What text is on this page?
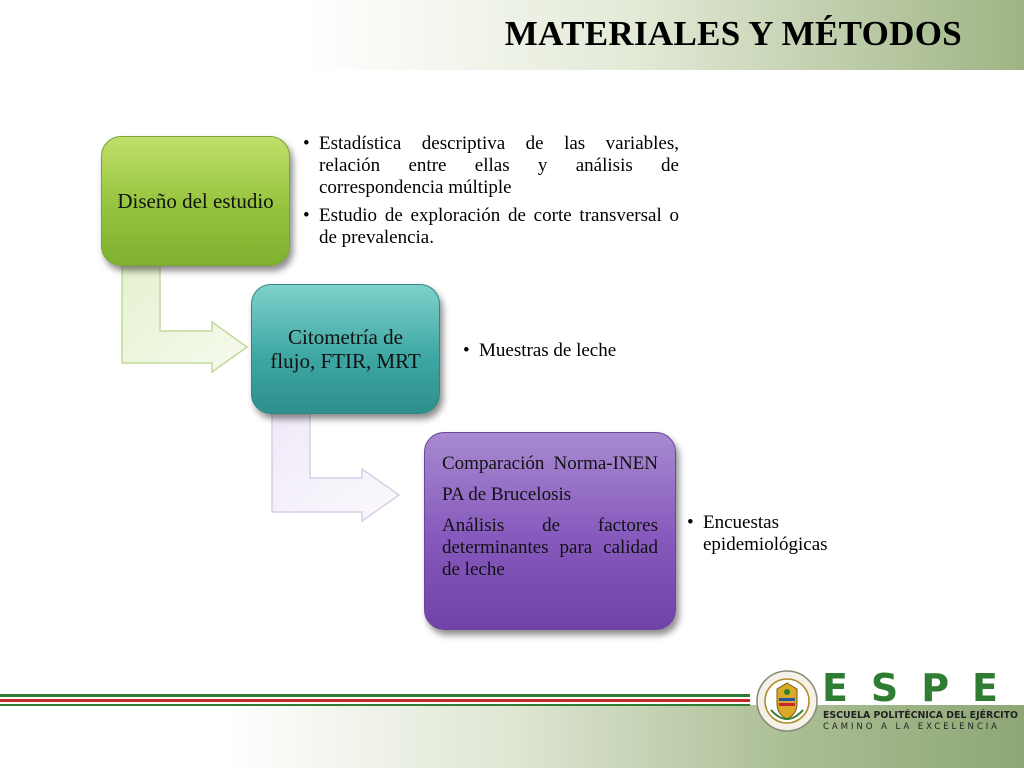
MATERIALES Y MÉTODOS
Diseño del estudio
• Estadística descriptiva de las variables, relación entre ellas y análisis de correspondencia múltiple
• Estudio de exploración de corte transversal o de prevalencia.
Citometría de flujo, FTIR, MRT
•	Muestras de leche
Comparación Norma-INEN
PA de Brucelosis
Análisis de factores determinantes para calidad de leche
• Encuestas epidemiológicas
E S P E
ESCUELA POLITÉCNICA DEL EJÉRCITO
CAMINO A LA EXCELENCIA
